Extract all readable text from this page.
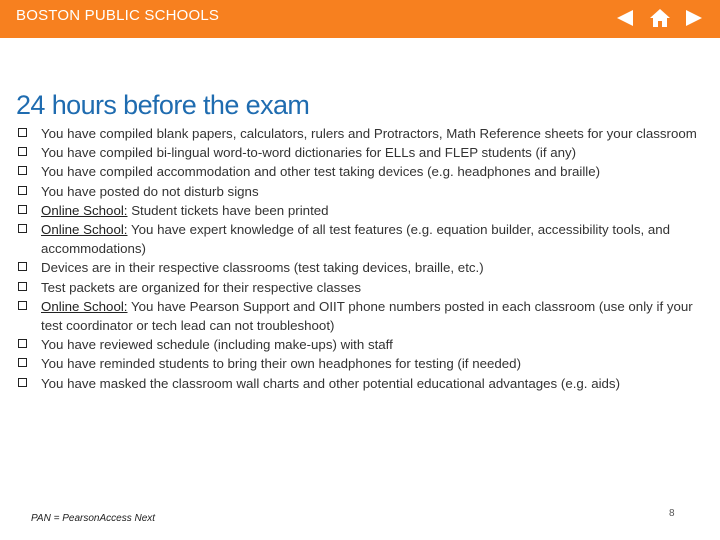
BOSTON PUBLIC SCHOOLS
24 hours before the exam
You have compiled blank papers, calculators, rulers and Protractors, Math Reference sheets for your classroom
You have compiled bi-lingual word-to-word dictionaries for ELLs and FLEP students (if any)
You have compiled accommodation and other test taking devices (e.g. headphones and braille)
You have posted do not disturb signs
Online School: Student tickets have been printed
Online School: You have expert knowledge of all test features (e.g. equation builder, accessibility tools, and accommodations)
Devices are in their respective classrooms (test taking devices, braille, etc.)
Test packets are organized for their respective classes
Online School: You have Pearson Support and OIIT phone numbers posted in each classroom (use only if your test coordinator or tech lead can not troubleshoot)
You have reviewed schedule (including make-ups) with staff
You have reminded students to bring their own headphones for testing (if needed)
You have masked the classroom wall charts and other potential educational advantages (e.g. aids)
PAN = PearsonAccess Next	8
